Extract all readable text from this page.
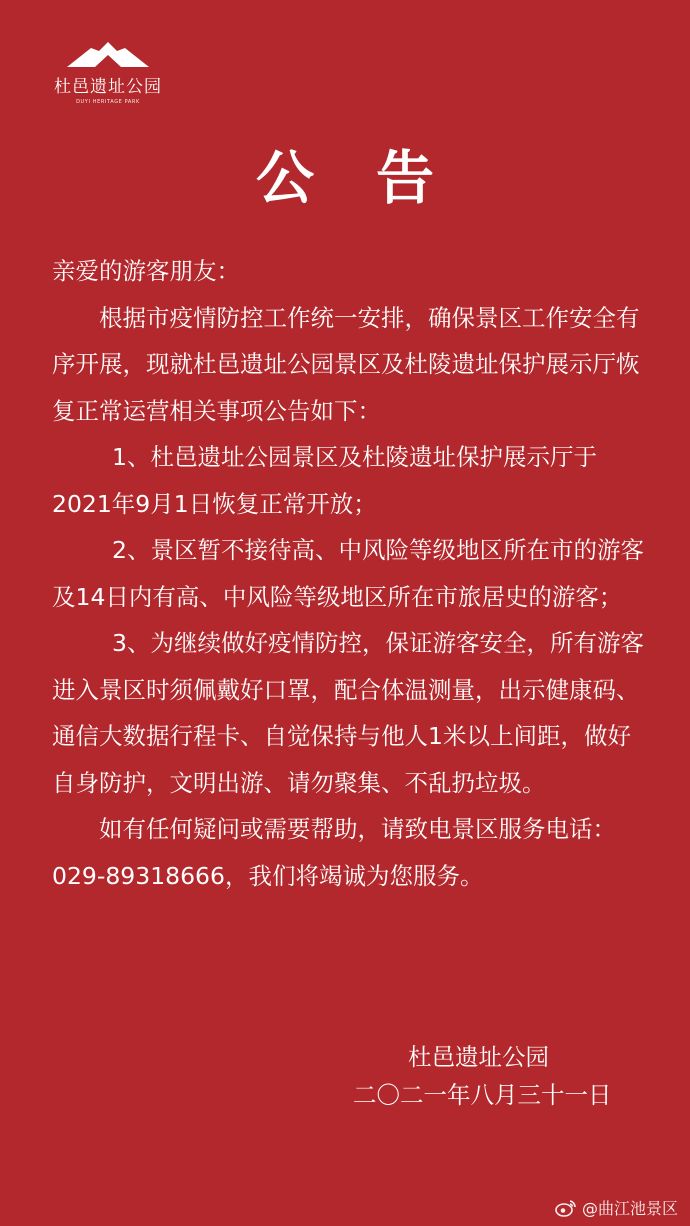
杜邑遗址公园
DUYI HERITAGE PARK
公告

亲爱的游客朋友：

根据市疫情防控工作统一安排，确保景区工作安全有序开展，现就杜邑遗址公园景区及杜陵遗址保护展示厅恢复正常运营相关事项公告如下：

1、杜邑遗址公园景区及杜陵遗址保护展示厅于2021年9月1日恢复正常开放；

2、景区暂不接待高、中风险等级地区所在市的游客及14日内有高、中风险等级地区所在市旅居史的游客；

3、为继续做好疫情防控，保证游客安全，所有游客进入景区时须佩戴好口罩，配合体温测量，出示健康码、通信大数据行程卡、自觉保持与他人1米以上间距，做好自身防护，文明出游、请勿聚集、不乱扔垃圾。

如有任何疑问或需要帮助，请致电景区服务电话：029-89318666，我们将竭诚为您服务。

杜邑遗址公园
二〇二一年八月三十一日
@曲江池景区
